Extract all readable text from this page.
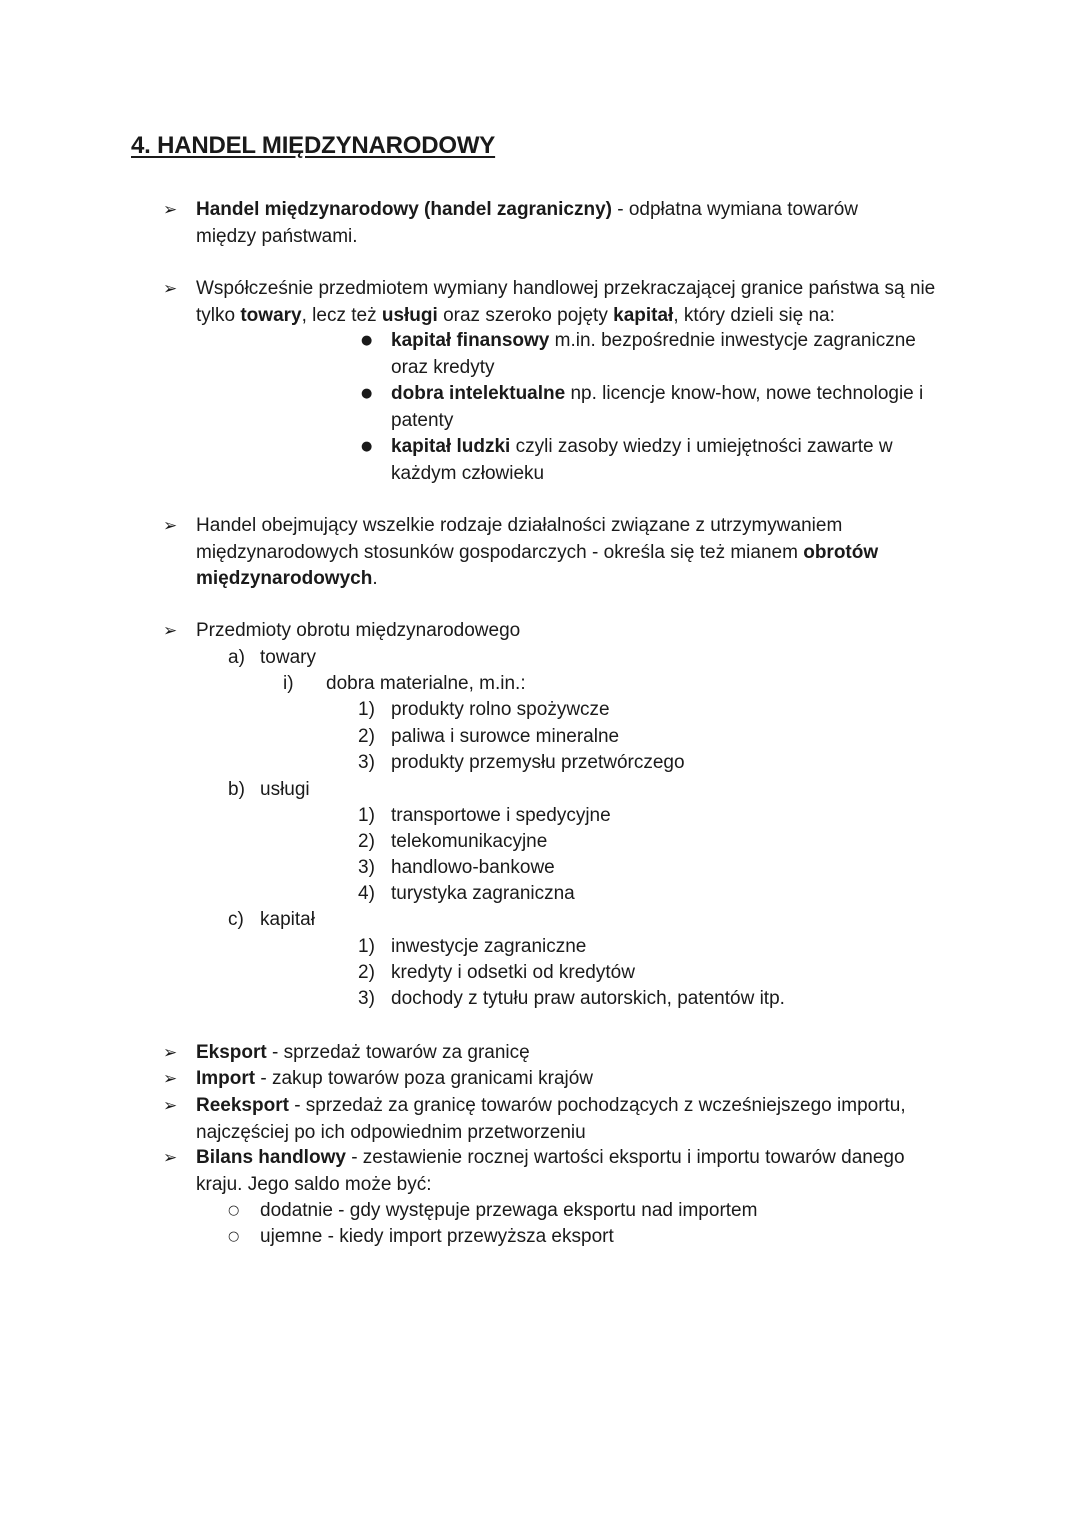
4. HANDEL MIĘDZYNARODOWY
➢ Handel międzynarodowy (handel zagraniczny) - odpłatna wymiana towarów między państwami.
➢ Współcześnie przedmiotem wymiany handlowej przekraczającej granice państwa są nie tylko towary, lecz też usługi oraz szeroko pojęty kapitał, który dzieli się na:
● kapitał finansowy m.in. bezpośrednie inwestycje zagraniczne oraz kredyty
● dobra intelektualne np. licencje know-how, nowe technologie i patenty
● kapitał ludzki czyli zasoby wiedzy i umiejętności zawarte w każdym człowieku
➢ Handel obejmujący wszelkie rodzaje działalności związane z utrzymywaniem międzynarodowych stosunków gospodarczych - określa się też mianem obrotów międzynarodowych.
➢ Przedmioty obrotu międzynarodowego
a) towary
i) dobra materialne, m.in.:
1) produkty rolno spożywcze
2) paliwa i surowce mineralne
3) produkty przemysłu przetwórczego
b) usługi
1) transportowe i spedycyjne
2) telekomunikacyjne
3) handlowo-bankowe
4) turystyka zagraniczna
c) kapitał
1) inwestycje zagraniczne
2) kredyty i odsetki od kredytów
3) dochody z tytułu praw autorskich, patentów itp.
➢ Eksport - sprzedaż towarów za granicę
➢ Import - zakup towarów poza granicami krajów
➢ Reeksport - sprzedaż za granicę towarów pochodzących z wcześniejszego importu, najczęściej po ich odpowiednim przetworzeniu
➢ Bilans handlowy - zestawienie rocznej wartości eksportu i importu towarów danego kraju. Jego saldo może być:
○ dodatnie - gdy występuje przewaga eksportu nad importem
○ ujemne - kiedy import przewyższa eksport
